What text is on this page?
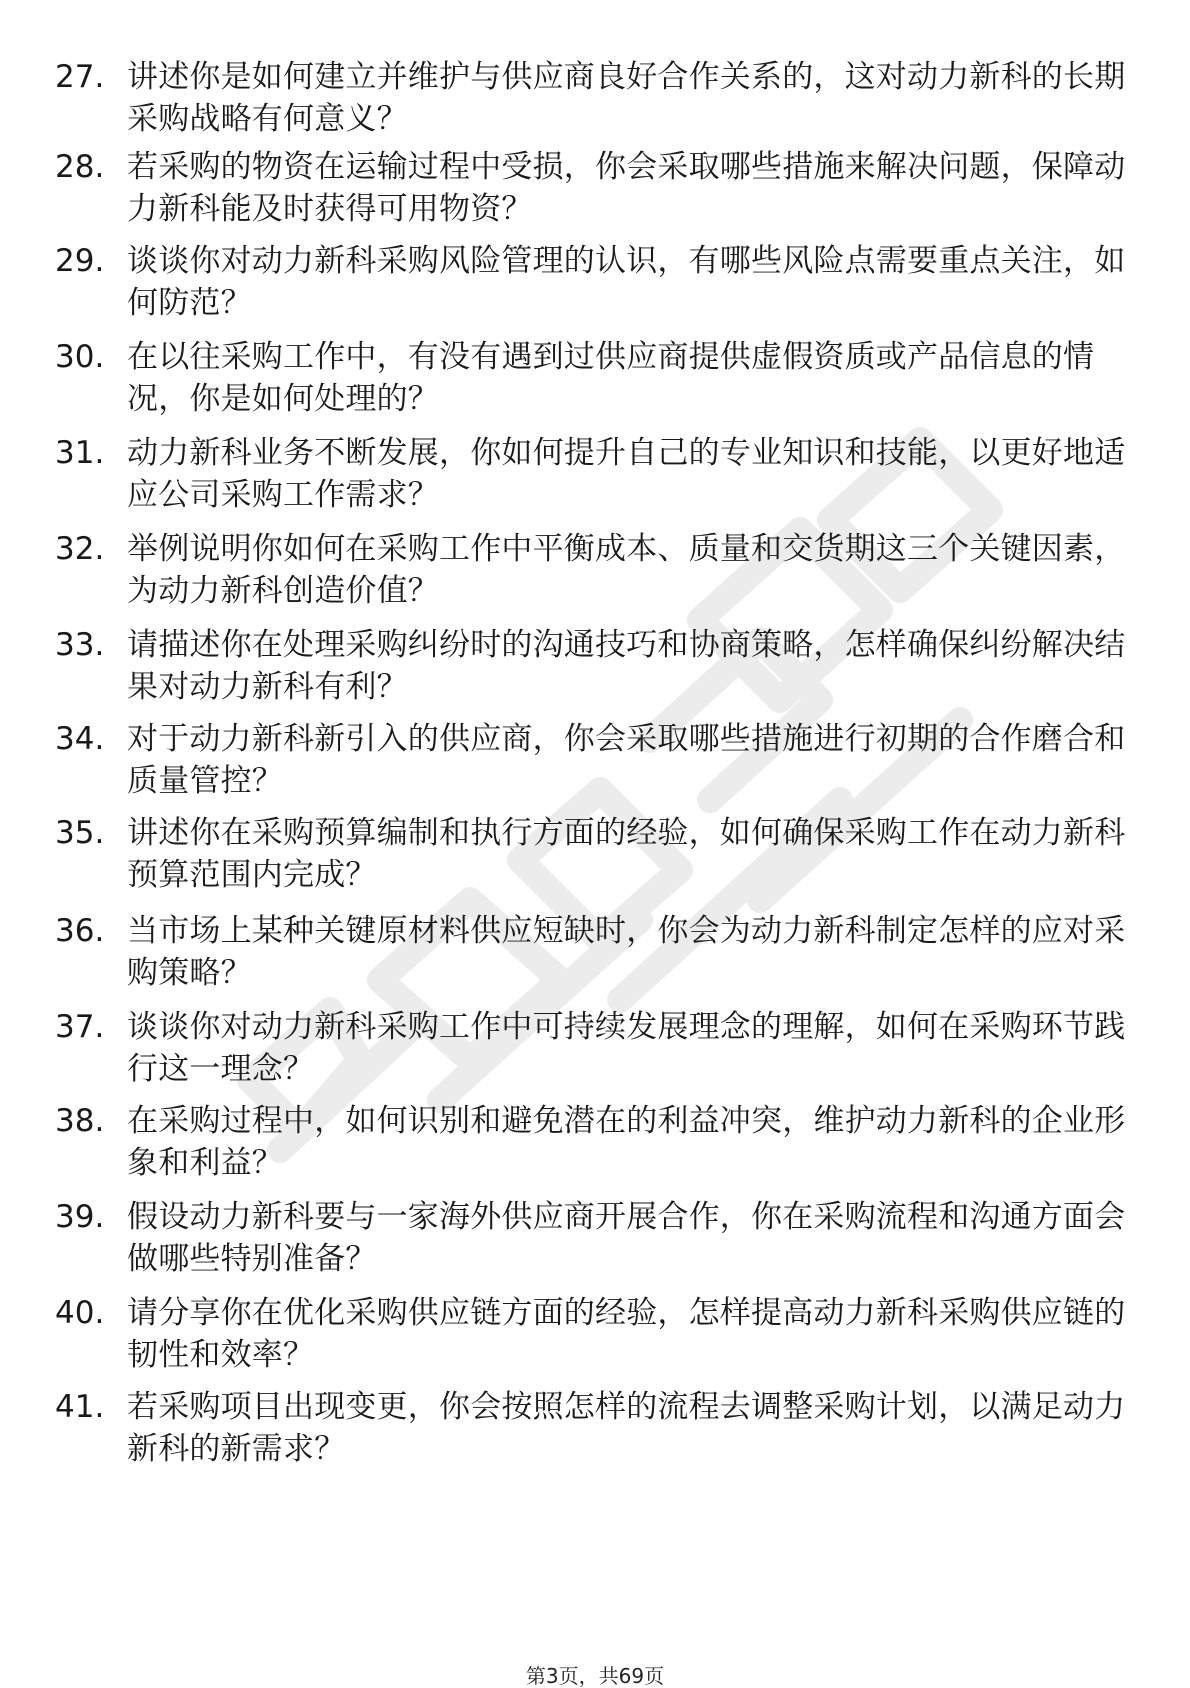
27. 讲述你是如何建立并维护与供应商良好合作关系的，这对动力新科的长期采购战略有何意义？
28. 若采购的物资在运输过程中受损，你会采取哪些措施来解决问题，保障动力新科能及时获得可用物资？
29. 谈谈你对动力新科采购风险管理的认识，有哪些风险点需要重点关注，如何防范？
30. 在以往采购工作中，有没有遇到过供应商提供虚假资质或产品信息的情况，你是如何处理的？
31. 动力新科业务不断发展，你如何提升自己的专业知识和技能，以更好地适应公司采购工作需求？
32. 举例说明你如何在采购工作中平衡成本、质量和交货期这三个关键因素，为动力新科创造价值？
33. 请描述你在处理采购纠纷时的沟通技巧和协商策略，怎样确保纠纷解决结果对动力新科有利？
34. 对于动力新科新引入的供应商，你会采取哪些措施进行初期的合作磨合和质量管控？
35. 讲述你在采购预算编制和执行方面的经验，如何确保采购工作在动力新科预算范围内完成？
36. 当市场上某种关键原材料供应短缺时，你会为动力新科制定怎样的应对采购策略？
37. 谈谈你对动力新科采购工作中可持续发展理念的理解，如何在采购环节践行这一理念？
38. 在采购过程中，如何识别和避免潜在的利益冲突，维护动力新科的企业形象和利益？
39. 假设动力新科要与一家海外供应商开展合作，你在采购流程和沟通方面会做哪些特别准备？
40. 请分享你在优化采购供应链方面的经验，怎样提高动力新科采购供应链的韧性和效率？
41. 若采购项目出现变更，你会按照怎样的流程去调整采购计划，以满足动力新科的新需求？
第3页，共69页
